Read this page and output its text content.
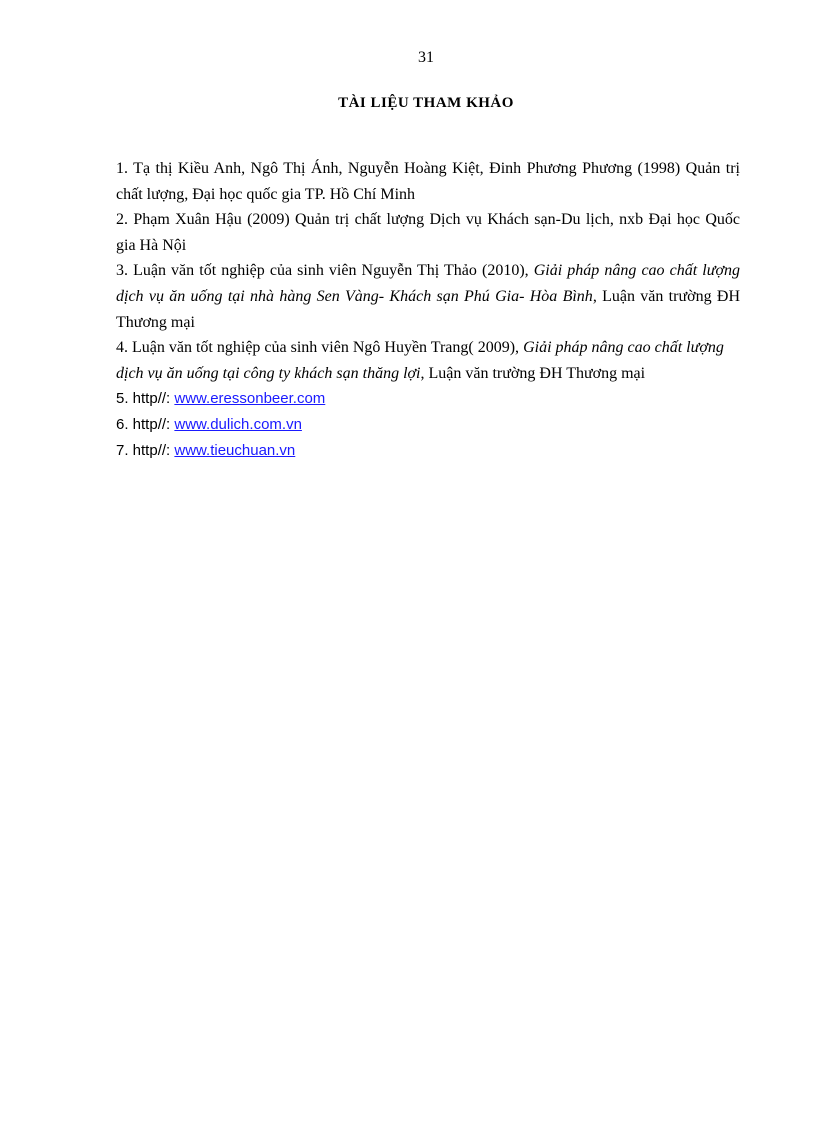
31
TÀI LIỆU THAM KHẢO

1. Tạ thị Kiều Anh, Ngô Thị Ánh, Nguyễn Hoàng Kiệt, Đinh Phương Phương (1998) Quản trị chất lượng, Đại học quốc gia TP. Hồ Chí Minh

2. Phạm Xuân Hậu (2009) Quản trị chất lượng Dịch vụ Khách sạn-Du lịch, nxb Đại học Quốc gia Hà Nội

3. Luận văn tốt nghiệp của sinh viên Nguyễn Thị Thảo (2010), Giải pháp nâng cao chất lượng dịch vụ ăn uống tại nhà hàng Sen Vàng- Khách sạn Phú Gia- Hòa Bình, Luận văn trường ĐH Thương mại

4. Luận văn tốt nghiệp của sinh viên Ngô Huyền Trang( 2009), Giải pháp nâng cao chất lượng dịch vụ ăn uống tại công ty khách sạn thăng lợi, Luận văn trường ĐH Thương mại

5. http//: www.eressonbeer.com

6. http//: www.dulich.com.vn

7. http//: www.tieuchuan.vn
